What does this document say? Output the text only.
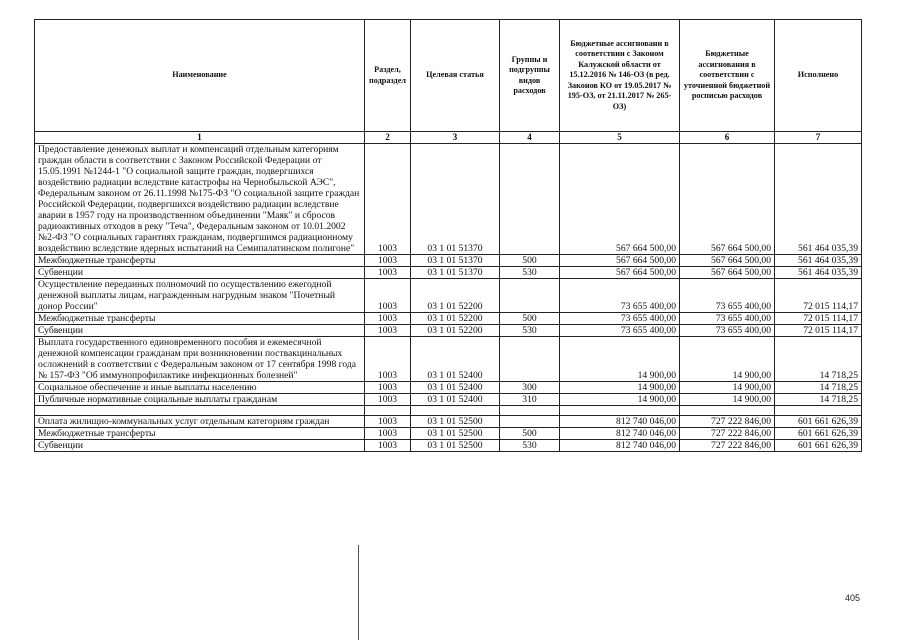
Наименование	Раздел, подраздел	Целевая статья	Группы и подгруппы видов расходов	Бюджетные ассигновани в соответствии с Законом Калужской области от 15.12.2016 № 146-ОЗ (в ред. Законов КО от 19.05.2017 № 195-ОЗ, от 21.11.2017 № 265-ОЗ)	Бюджетные ассигнования в соответствии с уточненной бюджетной росписью расходов	Исполнено
1	2	3	4	5	6	7
Предоставление денежных выплат и компенсаций отдельным категориям граждан области в соответствии с Законом Российской Федерации от 15.05.1991 №1244-1 "О социальной защите граждан, подвергшихся воздействию радиации вследствие катастрофы на Чернобыльской АЭС", Федеральным законом от 26.11.1998 №175-ФЗ "О социальной защите граждан Российской Федерации, подвергшихся воздействию радиации вследствие аварии в 1957 году на производственном объединении "Маяк" и сбросов радиоактивных отходов в реку "Теча", Федеральным законом от 10.01.2002 №2-ФЗ "О социальных гарантиях гражданам, подвергшимся радиационному воздействию вследствие ядерных испытаний на Семипалатинском полигоне"	1003	03 1 01 51370		567 664 500,00	567 664 500,00	561 464 035,39
Межбюджетные трансферты	1003	03 1 01 51370	500	567 664 500,00	567 664 500,00	561 464 035,39
Субвенции	1003	03 1 01 51370	530	567 664 500,00	567 664 500,00	561 464 035,39
Осуществление переданных полномочий по осуществлению ежегодной денежной выплаты лицам, награжденным нагрудным знаком "Почетный донор России"	1003	03 1 01 52200		73 655 400,00	73 655 400,00	72 015 114,17
Межбюджетные трансферты	1003	03 1 01 52200	500	73 655 400,00	73 655 400,00	72 015 114,17
Субвенции	1003	03 1 01 52200	530	73 655 400,00	73 655 400,00	72 015 114,17
Выплата государственного единовременного пособия и ежемесячной денежной компенсации гражданам при возникновении поствакцинальных осложнений в соответствии с Федеральным законом от 17 сентября 1998 года № 157-ФЗ "Об иммунопрофилактике инфекционных болезней"	1003	03 1 01 52400		14 900,00	14 900,00	14 718,25
Социальное обеспечение и иные выплаты населению	1003	03 1 01 52400	300	14 900,00	14 900,00	14 718,25
Публичные нормативные социальные выплаты гражданам	1003	03 1 01 52400	310	14 900,00	14 900,00	14 718,25

Оплата жилищно-коммунальных услуг отдельным категориям граждан	1003	03 1 01 52500		812 740 046,00	727 222 846,00	601 661 626,39
Межбюджетные трансферты	1003	03 1 01 52500	500	812 740 046,00	727 222 846,00	601 661 626,39
Субвенции	1003	03 1 01 52500	530	812 740 046,00	727 222 846,00	601 661 626,39
405
